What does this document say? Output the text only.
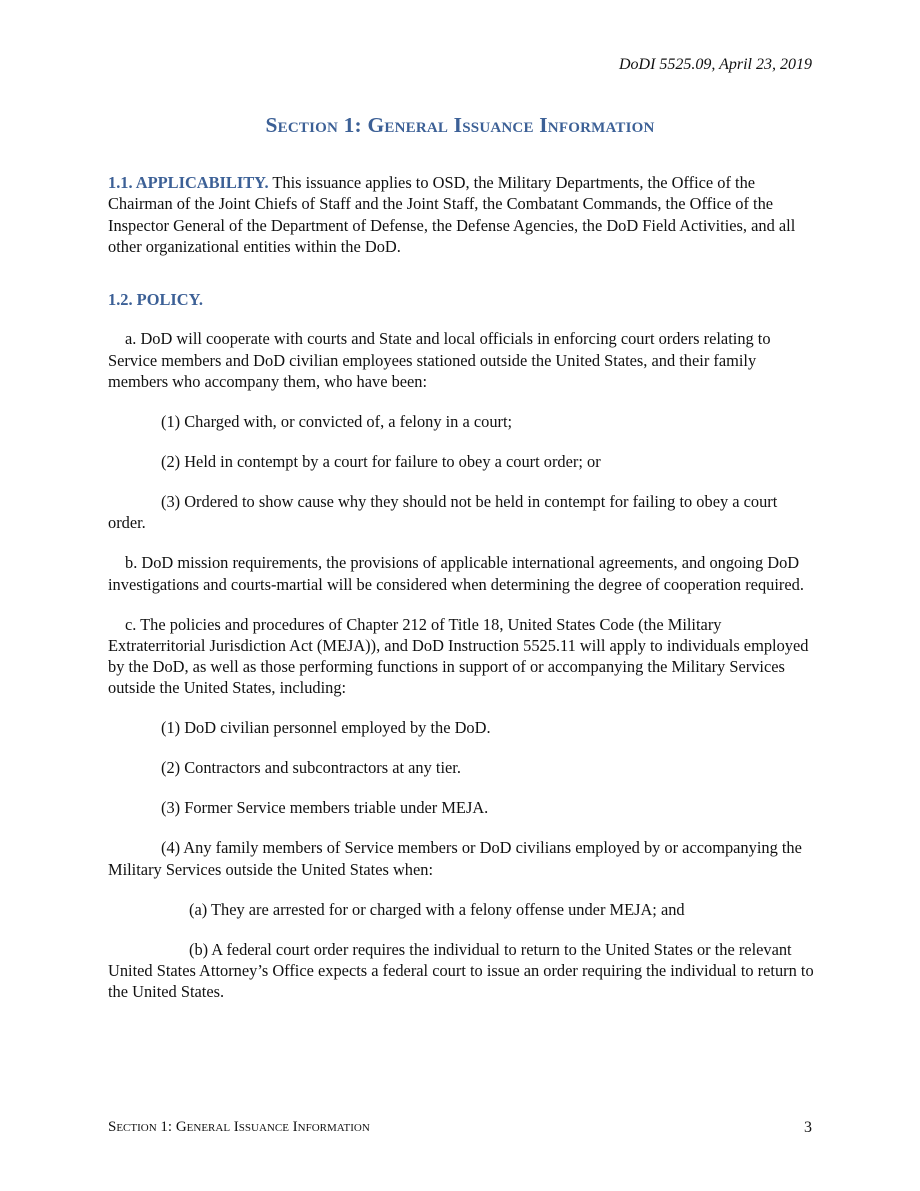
DoDI 5525.09, April 23, 2019

Section 1: General Issuance Information

1.1. APPLICABILITY. This issuance applies to OSD, the Military Departments, the Office of the Chairman of the Joint Chiefs of Staff and the Joint Staff, the Combatant Commands, the Office of the Inspector General of the Department of Defense, the Defense Agencies, the DoD Field Activities, and all other organizational entities within the DoD.

1.2. POLICY.

a. DoD will cooperate with courts and State and local officials in enforcing court orders relating to Service members and DoD civilian employees stationed outside the United States, and their family members who accompany them, who have been:

(1) Charged with, or convicted of, a felony in a court;

(2) Held in contempt by a court for failure to obey a court order; or

(3) Ordered to show cause why they should not be held in contempt for failing to obey a court order.

b. DoD mission requirements, the provisions of applicable international agreements, and ongoing DoD investigations and courts-martial will be considered when determining the degree of cooperation required.

c. The policies and procedures of Chapter 212 of Title 18, United States Code (the Military Extraterritorial Jurisdiction Act (MEJA)), and DoD Instruction 5525.11 will apply to individuals employed by the DoD, as well as those performing functions in support of or accompanying the Military Services outside the United States, including:

(1) DoD civilian personnel employed by the DoD.

(2) Contractors and subcontractors at any tier.

(3) Former Service members triable under MEJA.

(4) Any family members of Service members or DoD civilians employed by or accompanying the Military Services outside the United States when:

(a) They are arrested for or charged with a felony offense under MEJA; and

(b) A federal court order requires the individual to return to the United States or the relevant United States Attorney’s Office expects a federal court to issue an order requiring the individual to return to the United States.

Section 1: General Issuance Information	3
